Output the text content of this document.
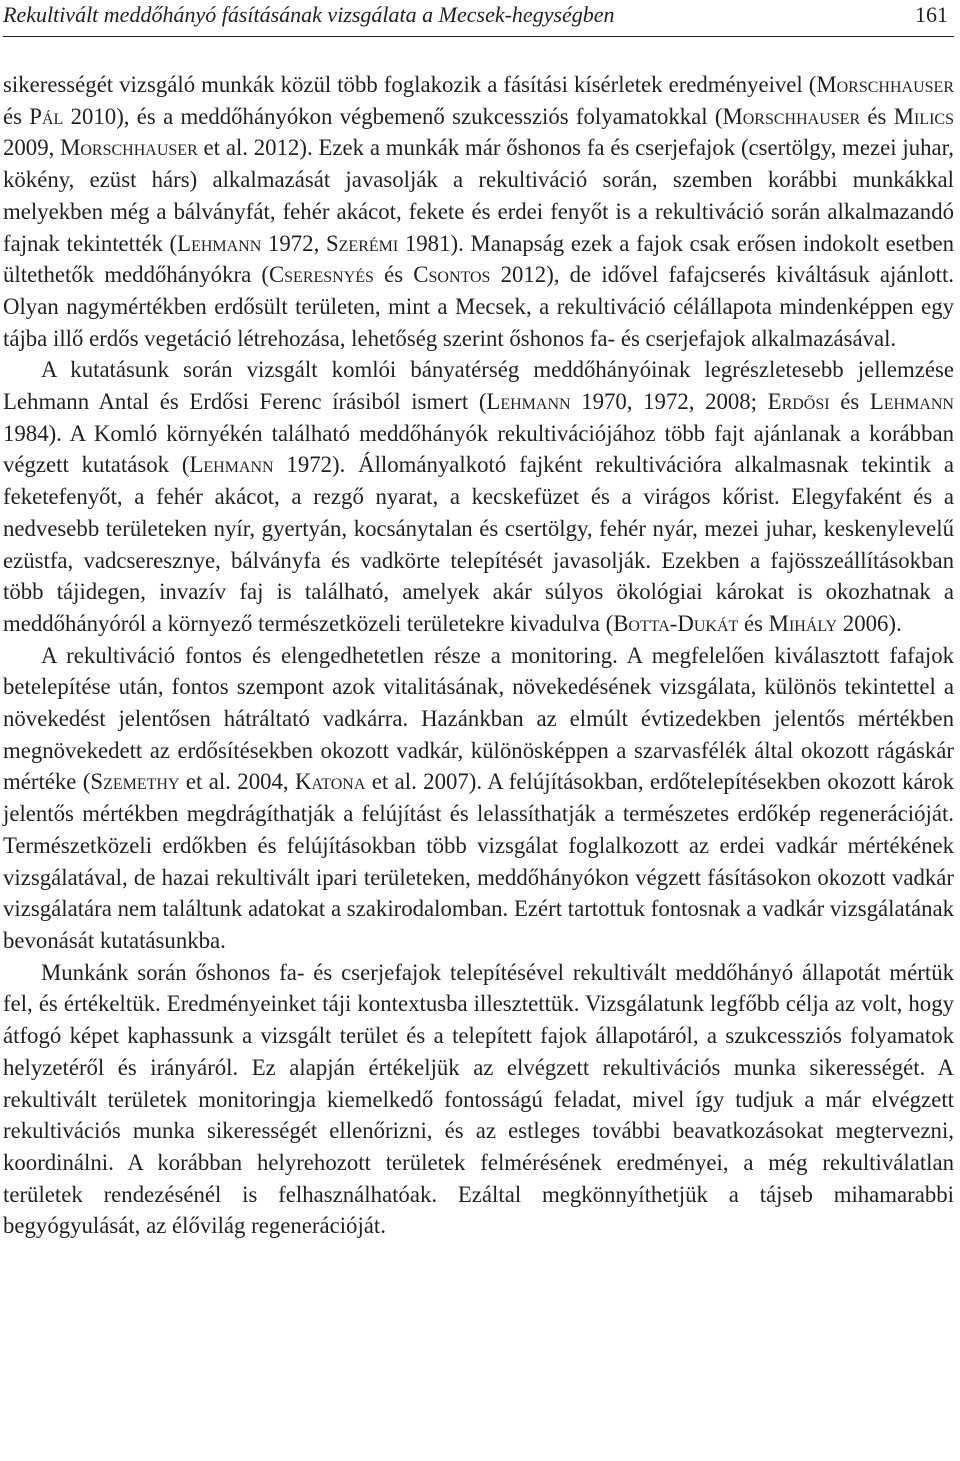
Rekultivált meddőhányó fásításának vizsgálata a Mecsek-hegységben	161

sikerességét vizsgáló munkák közül több foglakozik a fásítási kísérletek eredményeivel (Morschhauser és Pál 2010), és a meddőhányókon végbemenő szukcessziós folyamatokkal (Morschhauser és Milics 2009, Morschhauser et al. 2012). Ezek a munkák már őshonos fa és cserjefajok (csertölgy, mezei juhar, kökény, ezüst hárs) alkalmazását javasolják a rekultiváció során, szemben korábbi munkákkal melyekben még a bálványfát, fehér akácot, fekete és erdei fenyőt is a rekultiváció során alkalmazandó fajnak tekintették (Lehmann 1972, Szerémi 1981). Manapság ezek a fajok csak erősen indokolt esetben ültethetők meddőhányókra (Cseresnyés és Csontos 2012), de idővel fafajcserés kiváltásuk ajánlott. Olyan nagymértékben erdősült területen, mint a Mecsek, a rekultiváció célállapota mindenképpen egy tájba illő erdős vegetáció létrehozása, lehetőség szerint őshonos fa- és cserjefajok alkalmazásával.

A kutatásunk során vizsgált komlói bányatérség meddőhányóinak legrészletesebb jellemzése Lehmann Antal és Erdősi Ferenc írásiból ismert (Lehmann 1970, 1972, 2008; Erdősi és Lehmann 1984). A Komló környékén található meddőhányók rekultivációjához több fajt ajánlanak a korábban végzett kutatások (Lehmann 1972). Állományalkotó fajként rekultivációra alkalmasnak tekintik a feketefenyőt, a fehér akácot, a rezgő nyarat, a kecskefüzet és a virágos kőrist. Elegyfaként és a nedvesebb területeken nyír, gyertyán, kocsánytalan és csertölgy, fehér nyár, mezei juhar, keskenylevelű ezüstfa, vadcseresznye, bálványfa és vadkörte telepítését javasolják. Ezekben a fajösszeállításokban több tájidegen, invazív faj is található, amelyek akár súlyos ökológiai károkat is okozhatnak a meddőhányóról a környező természetközeli területekre kivadulva (Botta-Dukát és Mihály 2006).

A rekultiváció fontos és elengedhetetlen része a monitoring. A megfelelően kiválasztott fafajok betelepítése után, fontos szempont azok vitalitásának, növekedésének vizsgálata, különös tekintettel a növekedést jelentősen hátráltató vadkárra. Hazánkban az elmúlt évtizedekben jelentős mértékben megnövekedett az erdősítésekben okozott vadkár, különösképpen a szarvasfélék által okozott rágáskár mértéke (Szemethy et al. 2004, Katona et al. 2007). A felújításokban, erdőtelepítésekben okozott károk jelentős mértékben megdrágíthatják a felújítást és lelassíthatják a természetes erdőkép regenerációját. Természetközeli erdőkben és felújításokban több vizsgálat foglalkozott az erdei vadkár mértékének vizsgálatával, de hazai rekultivált ipari területeken, meddőhányókon végzett fásításokon okozott vadkár vizsgálatára nem találtunk adatokat a szakirodalomban. Ezért tartottuk fontosnak a vadkár vizsgálatának bevonását kutatásunkba.

Munkánk során őshonos fa- és cserjefajok telepítésével rekultivált meddőhányó állapotát mértük fel, és értékeltük. Eredményeinket táji kontextusba illesztettük. Vizsgálatunk legfőbb célja az volt, hogy átfogó képet kaphassunk a vizsgált terület és a telepített fajok állapotáról, a szukcessziós folyamatok helyzetéről és irányáról. Ez alapján értékeljük az elvégzett rekultivációs munka sikerességét. A rekultivált területek monitoringja kiemelkedő fontosságú feladat, mivel így tudjuk a már elvégzett rekultivációs munka sikerességét ellenőrizni, és az estleges további beavatkozásokat megtervezni, koordinálni. A korábban helyrehozott területek felmérésének eredményei, a még rekultiválatlan területek rendezésénél is felhasználhatóak. Ezáltal megkönnyíthetjük a tájseb mihamarabbi begyógyulását, az élővilág regenerációját.
